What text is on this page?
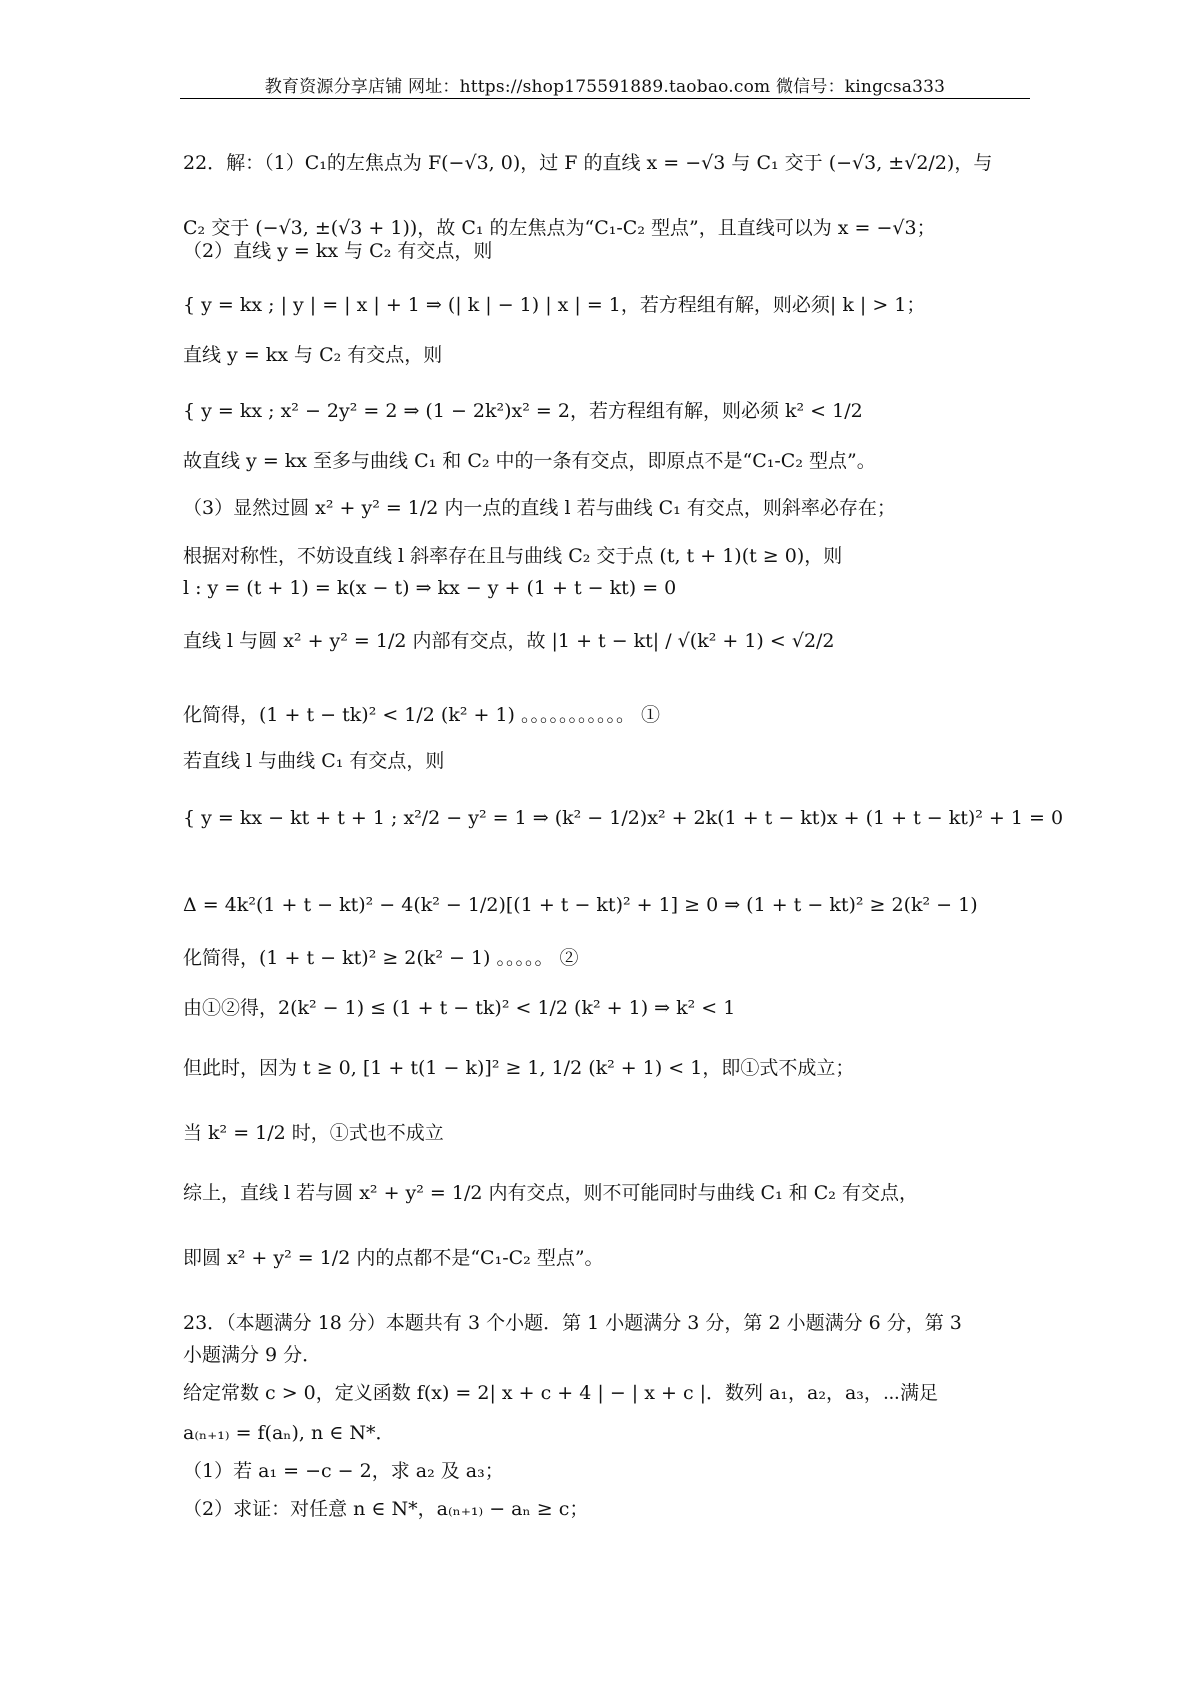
教育资源分享店铺 网址：https://shop175591889.taobao.com 微信号：kingcsa333
22．解：（1）C₁的左焦点为 F(−√3, 0)，过 F 的直线 x = −√3 与 C₁ 交于 (−√3, ±√2/2)，与
C₂ 交于 (−√3, ±(√3 + 1))，故 C₁ 的左焦点为“C₁-C₂ 型点”，且直线可以为 x = −√3；
（2）直线 y = kx 与 C₂ 有交点，则
{ y = kx ; | y | = | x | + 1 ⇒ (| k | − 1) | x | = 1，若方程组有解，则必须| k | > 1；
直线 y = kx 与 C₂ 有交点，则
{ y = kx ; x² − 2y² = 2 ⇒ (1 − 2k²)x² = 2，若方程组有解，则必须 k² < 1/2
故直线 y = kx 至多与曲线 C₁ 和 C₂ 中的一条有交点，即原点不是“C₁-C₂ 型点”。
（3）显然过圆 x² + y² = 1/2 内一点的直线 l 若与曲线 C₁ 有交点，则斜率必存在；
根据对称性，不妨设直线 l 斜率存在且与曲线 C₂ 交于点 (t, t + 1)(t ≥ 0)，则
l : y = (t + 1) = k(x − t) ⇒ kx − y + (1 + t − kt) = 0
直线 l 与圆 x² + y² = 1/2 内部有交点，故 |1 + t − kt| / √(k² + 1) < √2/2
化简得，(1 + t − tk)² < 1/2 (k² + 1) 。。。。。。。。。。。 ①
若直线 l 与曲线 C₁ 有交点，则
{ y = kx − kt + t + 1 ; x²/2 − y² = 1 ⇒ (k² − 1/2)x² + 2k(1 + t − kt)x + (1 + t − kt)² + 1 = 0
Δ = 4k²(1 + t − kt)² − 4(k² − 1/2)[(1 + t − kt)² + 1] ≥ 0 ⇒ (1 + t − kt)² ≥ 2(k² − 1)
化简得，(1 + t − kt)² ≥ 2(k² − 1) 。。。。。 ②
由①②得，2(k² − 1) ≤ (1 + t − tk)² < 1/2 (k² + 1) ⇒ k² < 1
但此时，因为 t ≥ 0, [1 + t(1 − k)]² ≥ 1, 1/2 (k² + 1) < 1，即①式不成立；
当 k² = 1/2 时，①式也不成立
综上，直线 l 若与圆 x² + y² = 1/2 内有交点，则不可能同时与曲线 C₁ 和 C₂ 有交点，
即圆 x² + y² = 1/2 内的点都不是“C₁-C₂ 型点”。
23．（本题满分 18 分）本题共有 3 个小题．第 1 小题满分 3 分，第 2 小题满分 6 分，第 3
小题满分 9 分．
给定常数 c > 0，定义函数 f(x) = 2| x + c + 4 | − | x + c |．数列 a₁，a₂，a₃，⋯满足
a₍ₙ₊₁₎ = f(aₙ), n ∈ N*．
（1）若 a₁ = −c − 2，求 a₂ 及 a₃；
（2）求证：对任意 n ∈ N*，a₍ₙ₊₁₎ − aₙ ≥ c；
